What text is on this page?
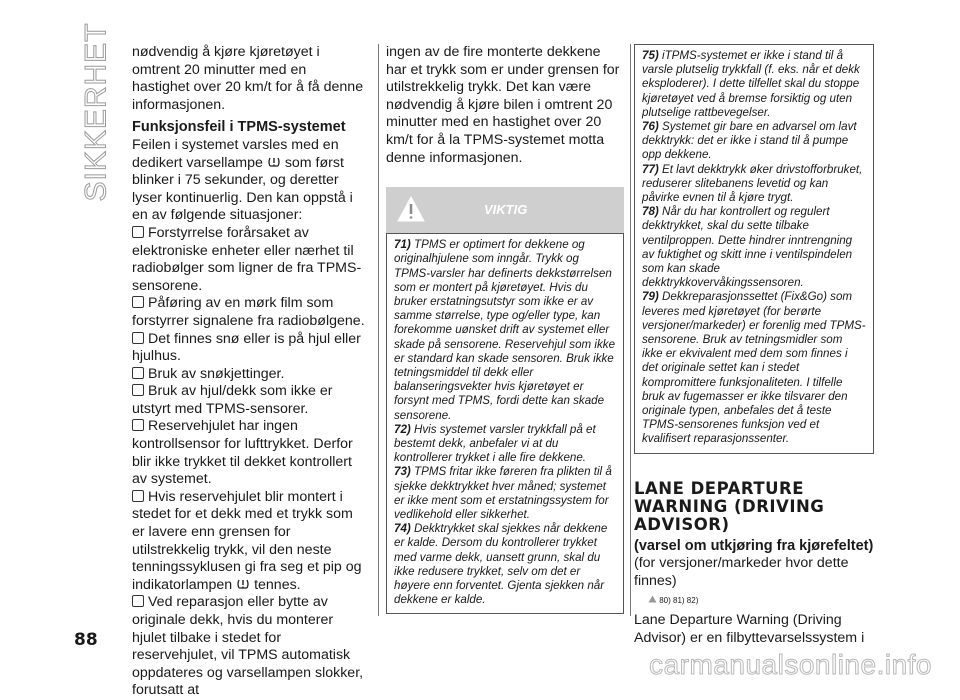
SIKKERHET
88

nødvendig å kjøre kjøretøyet i omtrent 20 minutter med en hastighet over 20 km/t for å få denne informasjonen.

Funksjonsfeil i TPMS-systemet

Feilen i systemet varsles med en dedikert varsellampe som først blinker i 75 sekunder, og deretter lyser kontinuerlig. Den kan oppstå i en av følgende situasjoner:

Forstyrrelse forårsaket av elektroniske enheter eller nærhet til radiobølger som ligner de fra TPMS-sensorene.

Påføring av en mørk film som forstyrrer signalene fra radiobølgene.

Det finnes snø eller is på hjul eller hjulhus.

Bruk av snøkjettinger.

Bruk av hjul/dekk som ikke er utstyrt med TPMS-sensorer.

Reservehjulet har ingen kontrollsensor for lufttrykket. Derfor blir ikke trykket til dekket kontrollert av systemet.

Hvis reservehjulet blir montert i stedet for et dekk med et trykk som er lavere enn grensen for utilstrekkelig trykk, vil den neste tenningssyklusen gi fra seg et pip og indikatorlampen tennes.

Ved reparasjon eller bytte av originale dekk, hvis du monterer hjulet tilbake i stedet for reservehjulet, vil TPMS automatisk oppdateres og varsellampen slokker, forutsatt at

ingen av de fire monterte dekkene har et trykk som er under grensen for utilstrekkelig trykk. Det kan være nødvendig å kjøre bilen i omtrent 20 minutter med en hastighet over 20 km/t for å la TPMS-systemet motta denne informasjonen.

VIKTIG

71) TPMS er optimert for dekkene og originalhjulene som inngår. Trykk og TPMS-varsler har definerts dekkstørrelsen som er montert på kjøretøyet. Hvis du bruker erstatningsutstyr som ikke er av samme størrelse, type og/eller type, kan forekomme uønsket drift av systemet eller skade på sensorene. Reservehjul som ikke er standard kan skade sensoren. Bruk ikke tetningsmiddel til dekk eller balanseringsvekter hvis kjøretøyet er forsynt med TPMS, fordi dette kan skade sensorene.

72) Hvis systemet varsler trykkfall på et bestemt dekk, anbefaler vi at du kontrollerer trykket i alle fire dekkene.

73) TPMS fritar ikke føreren fra plikten til å sjekke dekktrykket hver måned; systemet er ikke ment som et erstatningssystem for vedlikehold eller sikkerhet.

74) Dekktrykket skal sjekkes når dekkene er kalde. Dersom du kontrollerer trykket med varme dekk, uansett grunn, skal du ikke redusere trykket, selv om det er høyere enn forventet. Gjenta sjekken når dekkene er kalde.

75) iTPMS-systemet er ikke i stand til å varsle plutselig trykkfall (f. eks. når et dekk eksploderer). I dette tilfellet skal du stoppe kjøretøyet ved å bremse forsiktig og uten plutselige rattbevegelser.

76) Systemet gir bare en advarsel om lavt dekktrykk: det er ikke i stand til å pumpe opp dekkene.

77) Et lavt dekktrykk øker drivstofforbruket, reduserer slitebanens levetid og kan påvirke evnen til å kjøre trygt.

78) Når du har kontrollert og regulert dekktrykket, skal du sette tilbake ventilproppen. Dette hindrer inntrengning av fuktighet og skitt inne i ventilspindelen som kan skade dekktrykkovervåkingssensoren.

79) Dekkreparasjonssettet (Fix&Go) som leveres med kjøretøyet (for berørte versjoner/markeder) er forenlig med TPMS-sensorene. Bruk av tetningsmidler som ikke er ekvivalent med dem som finnes i det originale settet kan i stedet kompromittere funksjonaliteten. I tilfelle bruk av fugemasser er ikke tilsvarer den originale typen, anbefales det å teste TPMS-sensorenes funksjon ved et kvalifisert reparasjonssenter.

LANE DEPARTURE WARNING (DRIVING ADVISOR)

(varsel om utkjøring fra kjørefeltet)

(for versjoner/markeder hvor dette finnes)

80) 81) 82)

Lane Departure Warning (Driving Advisor) er en filbyttevarselssystem i

carmanualsonline.info
